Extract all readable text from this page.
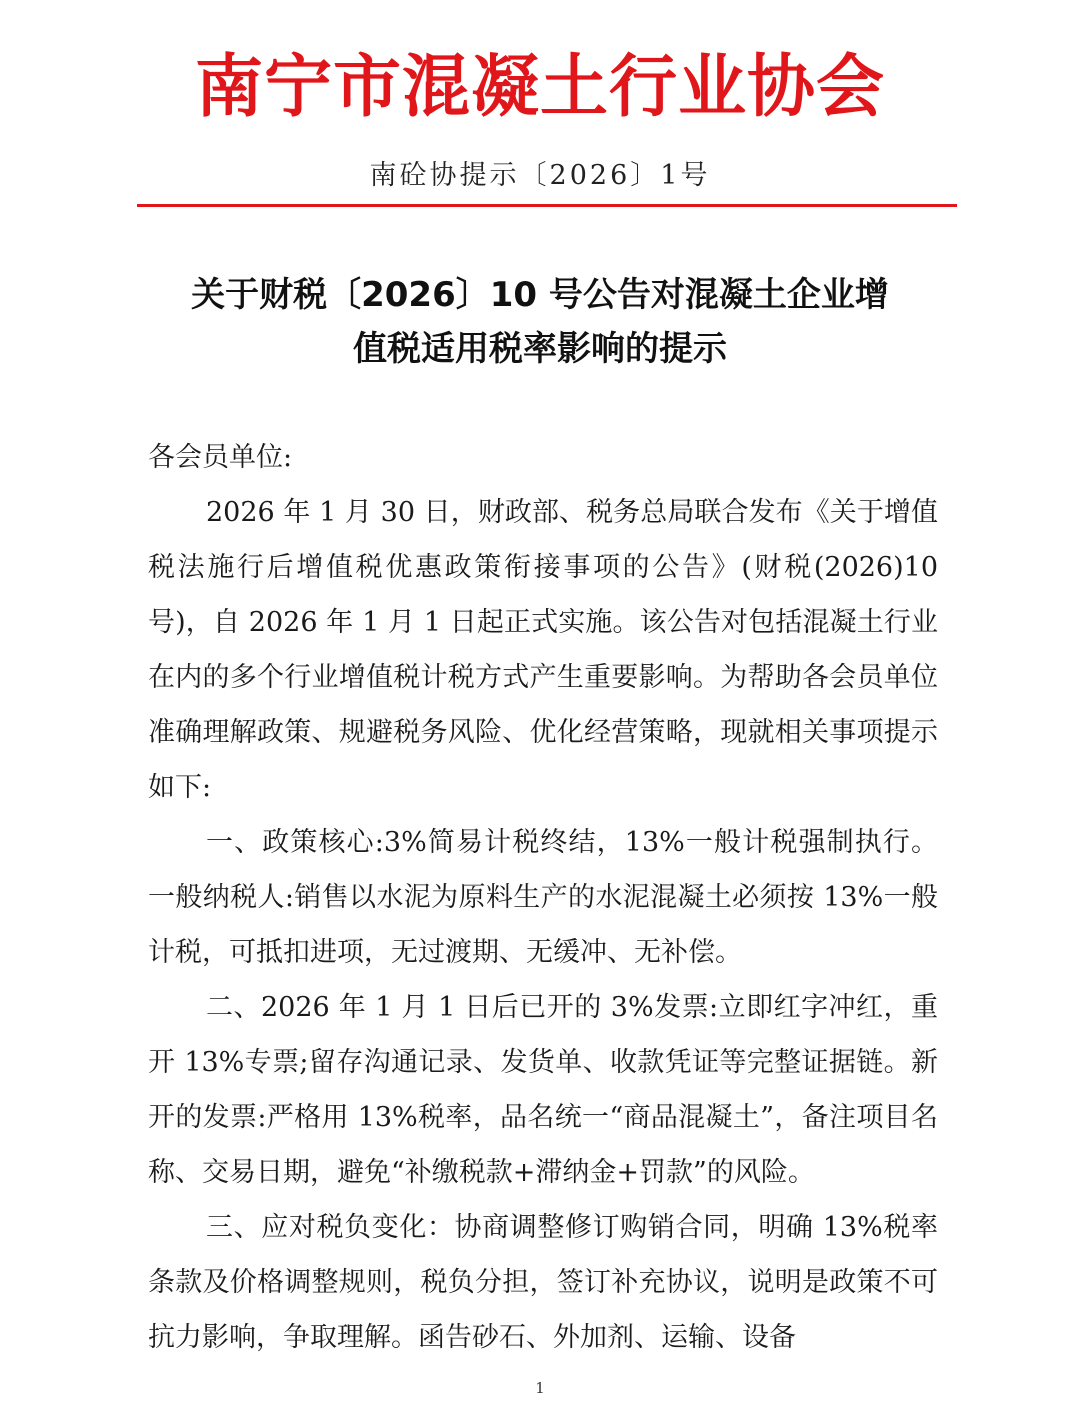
南宁市混凝土行业协会
南砼协提示〔2026〕1号
关于财税〔2026〕10 号公告对混凝土企业增
值税适用税率影响的提示

各会员单位:

2026 年 1 月 30 日，财政部、税务总局联合发布《关于增值税法施行后增值税优惠政策衔接事项的公告》(财税(2026)10号)，自 2026 年 1 月 1 日起正式实施。该公告对包括混凝土行业在内的多个行业增值税计税方式产生重要影响。为帮助各会员单位准确理解政策、规避税务风险、优化经营策略，现就相关事项提示如下:

一、政策核心:3%简易计税终结，13%一般计税强制执行。一般纳税人:销售以水泥为原料生产的水泥混凝土必须按 13%一般计税，可抵扣进项，无过渡期、无缓冲、无补偿。

二、2026 年 1 月 1 日后已开的 3%发票:立即红字冲红，重开 13%专票;留存沟通记录、发货单、收款凭证等完整证据链。新开的发票:严格用 13%税率，品名统一“商品混凝土”，备注项目名称、交易日期，避免“补缴税款+滞纳金+罚款”的风险。

三、应对税负变化：协商调整修订购销合同，明确 13%税率条款及价格调整规则，税负分担，签订补充协议，说明是政策不可抗力影响，争取理解。函告砂石、外加剂、运输、设备

1
